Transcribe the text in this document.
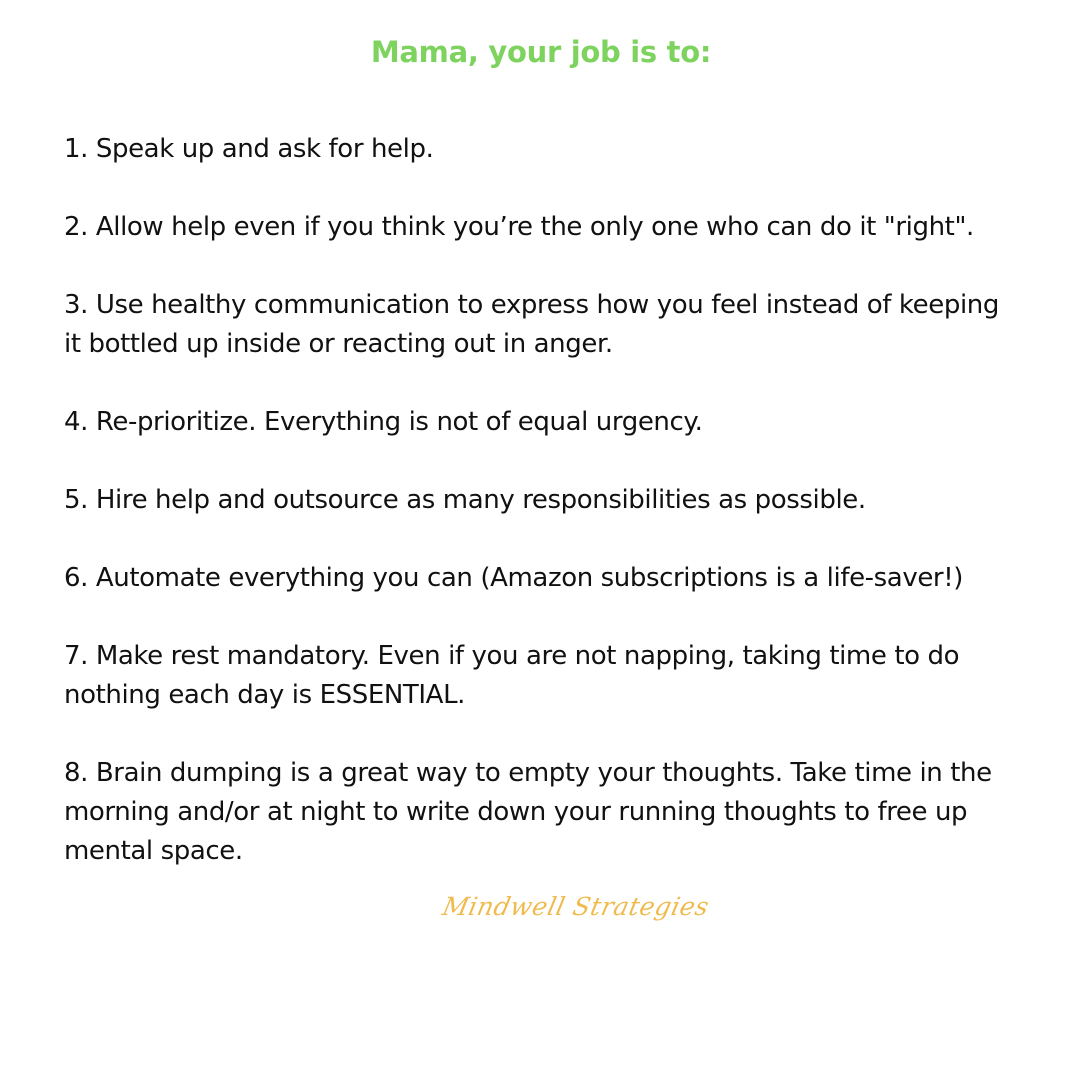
Mama, your job is to:
1. Speak up and ask for help.
2. Allow help even if you think you’re the only one who can do it "right".
3. Use healthy communication to express how you feel instead of keeping it bottled up inside or reacting out in anger.
4. Re-prioritize. Everything is not of equal urgency.
5. Hire help and outsource as many responsibilities as possible.
6. Automate everything you can (Amazon subscriptions is a life-saver!)
7. Make rest mandatory. Even if you are not napping, taking time to do nothing each day is ESSENTIAL.
8. Brain dumping is a great way to empty your thoughts. Take time in the morning and/or at night to write down your running thoughts to free up mental space.
Mindwell Strategies
